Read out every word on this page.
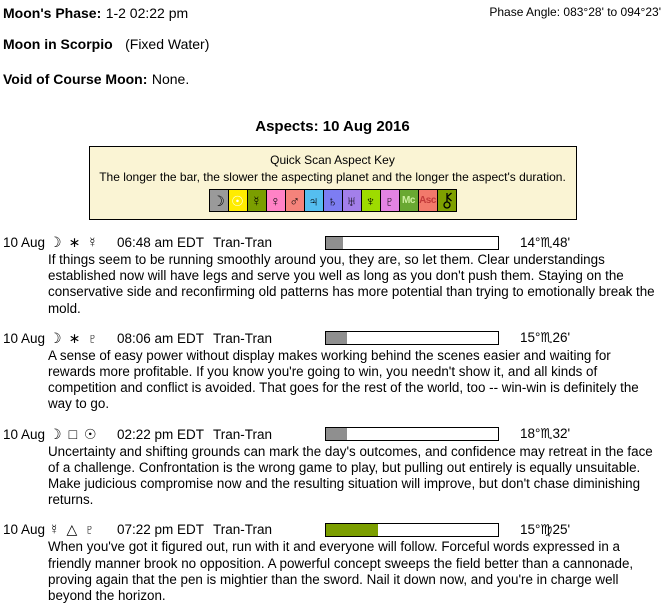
Moon's Phase: 1-2 02:22 pm	Phase Angle: 083°28' to 094°23'
Moon in Scorpio (Fixed Water)
Void of Course Moon: None.
Aspects: 10 Aug 2016
Quick Scan Aspect Key
The longer the bar, the slower the aspecting planet and the longer the aspect's duration.
☽ ☉ ☿ ♀ ♂ ♃ ♄ ♅ ♆ ♇ Mc Asc
10 Aug ☽ ∗ ☿ 06:48 am EDT Tran-Tran	14°♏48'
If things seem to be running smoothly around you, they are, so let them. Clear understandings established now will have legs and serve you well as long as you don't push them. Staying on the conservative side and reconfirming old patterns has more potential than trying to emotionally break the mold.
10 Aug ☽ ∗ ♇ 08:06 am EDT Tran-Tran	15°♏26'
A sense of easy power without display makes working behind the scenes easier and waiting for rewards more profitable. If you know you're going to win, you needn't show it, and all kinds of competition and conflict is avoided. That goes for the rest of the world, too -- win-win is definitely the way to go.
10 Aug ☽ □ ☉ 02:22 pm EDT Tran-Tran	18°♏32'
Uncertainty and shifting grounds can mark the day's outcomes, and confidence may retreat in the face of a challenge. Confrontation is the wrong game to play, but pulling out entirely is equally unsuitable. Make judicious compromise now and the resulting situation will improve, but don't chase diminishing returns.
10 Aug ☿ △ ♇ 07:22 pm EDT Tran-Tran	15°♍25'
When you've got it figured out, run with it and everyone will follow. Forceful words expressed in a friendly manner brook no opposition. A powerful concept sweeps the field better than a cannonade, proving again that the pen is mightier than the sword. Nail it down now, and you're in charge well beyond the horizon.
